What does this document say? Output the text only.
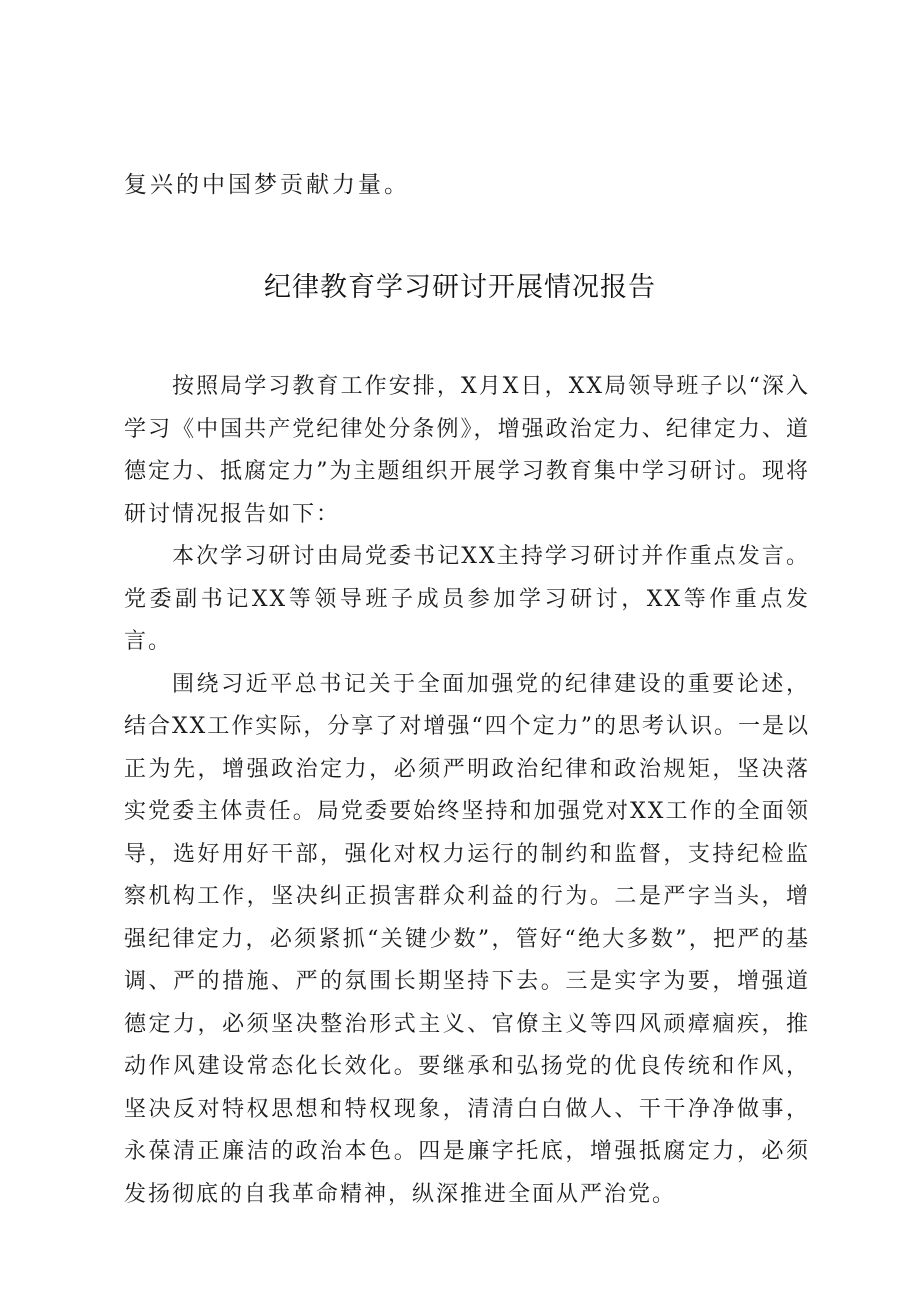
复兴的中国梦贡献力量。
纪律教育学习研讨开展情况报告

按照局学习教育工作安排，X月X日，XX局领导班子以“深入学习《中国共产党纪律处分条例》，增强政治定力、纪律定力、道德定力、抵腐定力”为主题组织开展学习教育集中学习研讨。现将研讨情况报告如下：

本次学习研讨由局党委书记XX主持学习研讨并作重点发言。党委副书记XX等领导班子成员参加学习研讨，XX等作重点发言。

围绕习近平总书记关于全面加强党的纪律建设的重要论述，结合XX工作实际，分享了对增强“四个定力”的思考认识。一是以正为先，增强政治定力，必须严明政治纪律和政治规矩，坚决落实党委主体责任。局党委要始终坚持和加强党对XX工作的全面领导，选好用好干部，强化对权力运行的制约和监督，支持纪检监察机构工作，坚决纠正损害群众利益的行为。二是严字当头，增强纪律定力，必须紧抓“关键少数”，管好“绝大多数”，把严的基调、严的措施、严的氛围长期坚持下去。三是实字为要，增强道德定力，必须坚决整治形式主义、官僚主义等四风顽瘴痼疾，推动作风建设常态化长效化。要继承和弘扬党的优良传统和作风，坚决反对特权思想和特权现象，清清白白做人、干干净净做事，永葆清正廉洁的政治本色。四是廉字托底，增强抵腐定力，必须发扬彻底的自我革命精神，纵深推进全面从严治党。
